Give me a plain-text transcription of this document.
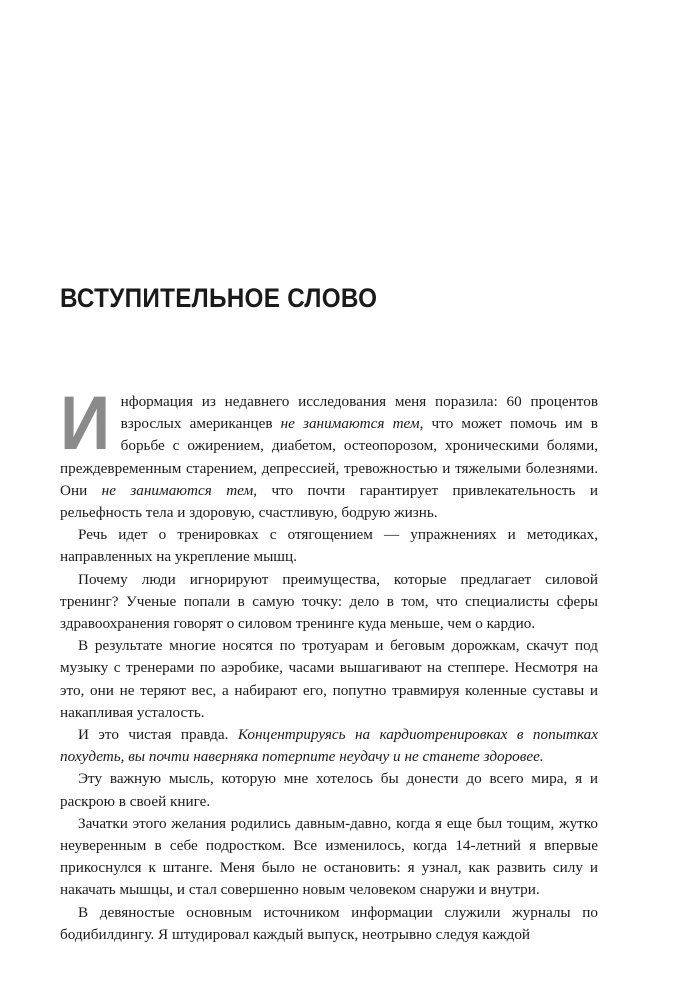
ВСТУПИТЕЛЬНОЕ СЛОВО

Информация из недавнего исследования меня поразила: 60 процентов взрослых американцев не занимаются тем, что может помочь им в борьбе с ожирением, диабетом, остеопорозом, хроническими болями, преждевременным старением, депрессией, тревожностью и тяжелыми болезнями. Они не занимаются тем, что почти гарантирует привлекательность и рельефность тела и здоровую, счастливую, бодрую жизнь.

Речь идет о тренировках с отягощением — упражнениях и методиках, направленных на укрепление мышц.

Почему люди игнорируют преимущества, которые предлагает силовой тренинг? Ученые попали в самую точку: дело в том, что специалисты сферы здравоохранения говорят о силовом тренинге куда меньше, чем о кардио.

В результате многие носятся по тротуарам и беговым дорожкам, скачут под музыку с тренерами по аэробике, часами вышагивают на степпере. Несмотря на это, они не теряют вес, а набирают его, попутно травмируя коленные суставы и накапливая усталость.

И это чистая правда. Концентрируясь на кардиотренировках в попытках похудеть, вы почти наверняка потерпите неудачу и не станете здоровее.

Эту важную мысль, которую мне хотелось бы донести до всего мира, я и раскрою в своей книге.

Зачатки этого желания родились давным-давно, когда я еще был тощим, жутко неуверенным в себе подростком. Все изменилось, когда 14-летний я впервые прикоснулся к штанге. Меня было не остановить: я узнал, как развить силу и накачать мышцы, и стал совершенно новым человеком снаружи и внутри.

В девяностые основным источником информации служили журналы по бодибилдингу. Я штудировал каждый выпуск, неотрывно следуя каждой
